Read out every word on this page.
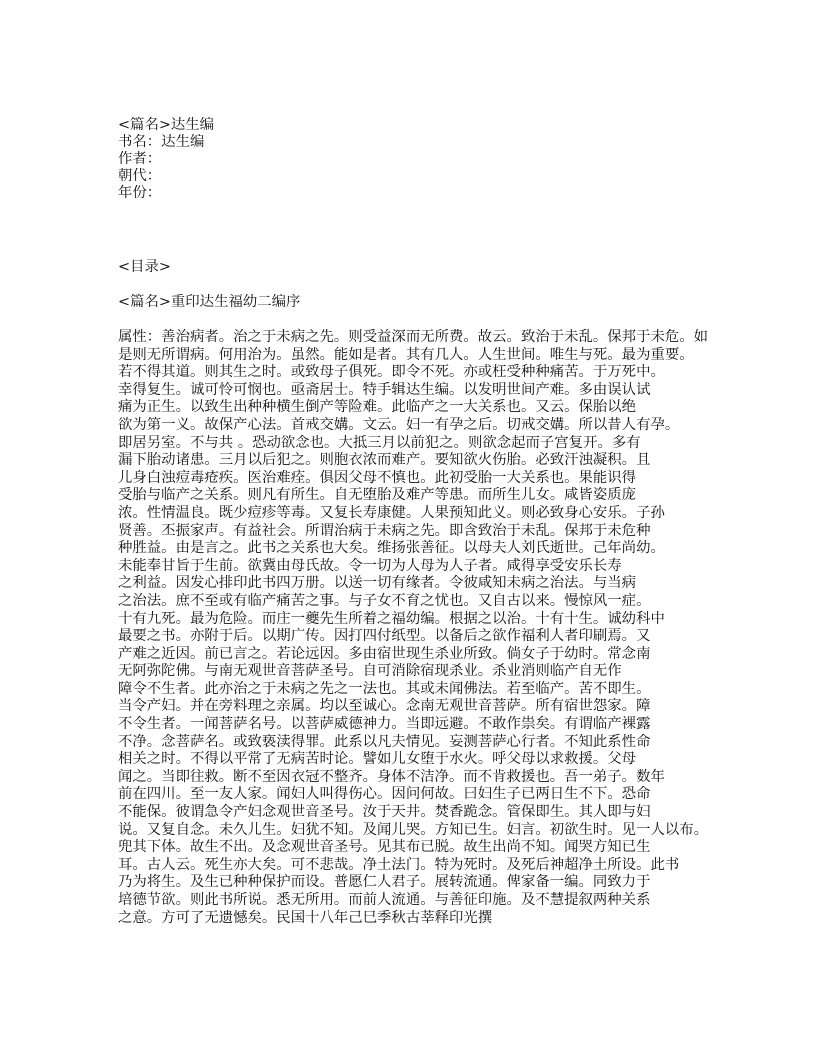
<篇名>达生编
书名：达生编
作者：
朝代：
年份：
<目录>
<篇名>重印达生福幼二编序
属性：善治病者。治之于未病之先。则受益深而无所费。故云。致治于未乱。保邦于未危。如
是则无所谓病。何用治为。虽然。能如是者。其有几人。人生世间。唯生与死。最为重要。
若不得其道。则其生之时。或致母子俱死。即令不死。亦或枉受种种痛苦。于万死中。
幸得复生。诚可怜可悯也。亟斋居士。特手辑达生编。以发明世间产难。多由误认试
痛为正生。以致生出种种横生倒产等险难。此临产之一大关系也。又云。保胎以绝
欲为第一义。故保产心法。首戒交媾。文云。妇一有孕之后。切戒交媾。所以昔人有孕。
即居另室。不与共 。恐动欲念也。大抵三月以前犯之。则欲念起而子宫复开。多有
漏下胎动诸患。三月以后犯之。则胞衣浓而难产。要知欲火伤胎。必致汗浊凝积。且
儿身白浊痘毒疮疾。医治难痊。俱因父母不慎也。此初受胎一大关系也。果能识得
受胎与临产之关系。则凡有所生。自无堕胎及难产等患。而所生儿女。咸皆姿质庞
浓。性情温良。既少痘疹等毒。又复长寿康健。人果预知此义。则必致身心安乐。子孙
贤善。丕振家声。有益社会。所谓治病于未病之先。即含致治于未乱。保邦于未危种
种胜益。由是言之。此书之关系也大矣。维扬张善征。以母夫人刘氏逝世。己年尚幼。
未能奉甘旨于生前。欲冀由母氏故。令一切为人母为人子者。咸得享受安乐长寿
之利益。因发心排印此书四万册。以送一切有缘者。令彼咸知未病之治法。与当病
之治法。庶不至或有临产痛苦之事。与子女不育之忧也。又自古以来。慢惊风一症。
十有九死。最为危险。而庄一夔先生所着之福幼编。根据之以治。十有十生。诚幼科中
最要之书。亦附于后。以期广传。因打四付纸型。以备后之欲作福利人者印刷焉。又
产难之近因。前已言之。若论远因。多由宿世现生杀业所致。倘女子于幼时。常念南
无阿弥陀佛。与南无观世音菩萨圣号。自可消除宿现杀业。杀业消则临产自无作
障令不生者。此亦治之于未病之先之一法也。其或未闻佛法。若至临产。苦不即生。
当令产妇。并在旁料理之亲属。均以至诚心。念南无观世音菩萨。所有宿世怨家。障
不令生者。一闻菩萨名号。以菩萨威德神力。当即远避。不敢作祟矣。有谓临产裸露
不净。念菩萨名。或致亵渎得罪。此系以凡夫情见。妄测菩萨心行者。不知此系性命
相关之时。不得以平常了无病苦时论。譬如儿女堕于水火。呼父母以求救援。父母
闻之。当即往救。断不至因衣冠不整齐。身体不洁净。而不肯救援也。吾一弟子。数年
前在四川。至一友人家。闻妇人叫得伤心。因问何故。曰妇生子已两日生不下。恐命
不能保。彼谓急令产妇念观世音圣号。汝于天井。焚香跪念。管保即生。其人即与妇
说。又复自念。未久儿生。妇犹不知。及闻儿哭。方知已生。妇言。初欲生时。见一人以布。
兜其下体。故生不出。及念观世音圣号。见其布已脱。故生出尚不知。闻哭方知已生
耳。古人云。死生亦大矣。可不悲哉。净土法门。特为死时。及死后神超净土所设。此书
乃为将生。及生已种种保护而设。普愿仁人君子。展转流通。俾家备一编。同致力于
培德节欲。则此书所说。悉无所用。而前人流通。与善征印施。及不慧提叙两种关系
之意。方可了无遗憾矣。民国十八年己巳季秋古莘释印光撰
